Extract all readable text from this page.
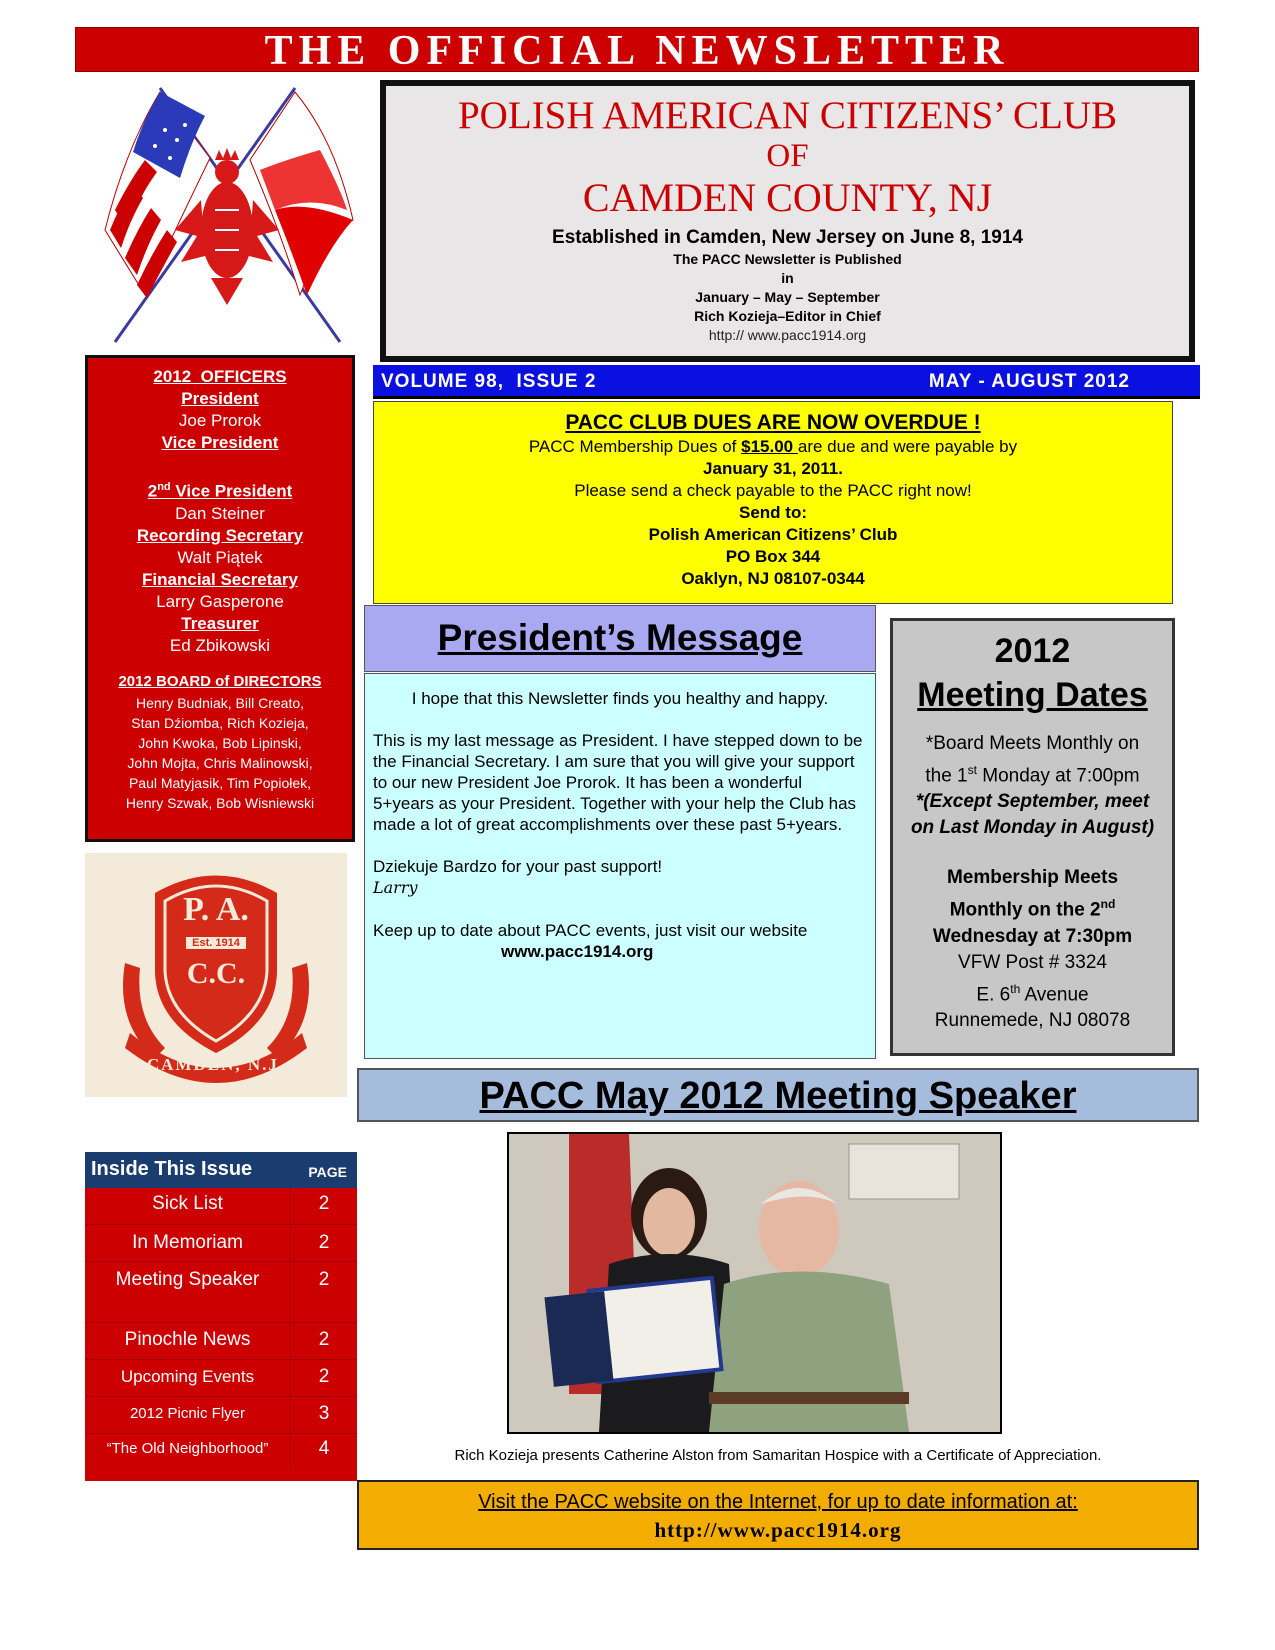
THE OFFICIAL NEWSLETTER
POLISH AMERICAN CITIZENS’ CLUB
OF
CAMDEN COUNTY, NJ
Established in Camden, New Jersey on June 8, 1914
The PACC Newsletter is Published
in
January – May – September
Rich Kozieja–Editor in Chief
http:// www.pacc1914.org
VOLUME 98,  ISSUE 2	MAY - AUGUST 2012
2012  OFFICERS
President
Joe Prorok
Vice President
2nd Vice President
Dan Steiner
Recording Secretary
Walt Piątek
Financial Secretary
Larry Gasperone
Treasurer
Ed Zbikowski
2012 BOARD of DIRECTORS
Henry Budniak, Bill Creato,
Stan Dźiomba, Rich Kozieja,
John Kwoka, Bob Lipinski,
John Mojta, Chris Malinowski,
Paul Matyjasik, Tim Popiołek,
Henry Szwak, Bob Wisniewski
PACC CLUB DUES ARE NOW OVERDUE !
PACC Membership Dues of $15.00 are due and were payable by
January 31, 2011.
Please send a check payable to the PACC right now!
Send to:
Polish American Citizens’ Club
PO Box 344
Oaklyn, NJ 08107-0344
President’s Message

I hope that this Newsletter finds you healthy and happy.

This is my last message as President. I have stepped down to be the Financial Secretary. I am sure that you will give your support to our new President Joe Prorok. It has been a wonderful 5+years as your President. Together with your help the Club has made a lot of great accomplishments over these past 5+years.

Dziekuje Bardzo for your past support!

Larry

Keep up to date about PACC events, just visit our website

www.pacc1914.org

2012
Meeting Dates
*Board Meets Monthly on
the 1st Monday at 7:00pm
*(Except September, meet
on Last Monday in August)
Membership Meets
Monthly on the 2nd
Wednesday at 7:30pm
VFW Post # 3324
E. 6th Avenue
Runnemede, NJ 08078
P. A.
Est. 1914
C.C.
CAMDEN, N.J.
PACC May 2012 Meeting Speaker
Rich Kozieja presents Catherine Alston from Samaritan Hospice with a Certificate of Appreciation.
Visit the PACC website on the Internet, for up to date information at:
http://www.pacc1914.org
Inside This Issue	PAGE
Sick List	2
In Memoriam	2
Meeting Speaker	2
Pinochle News	2
Upcoming Events	2
2012 Picnic Flyer	3
“The Old Neighborhood”	4
